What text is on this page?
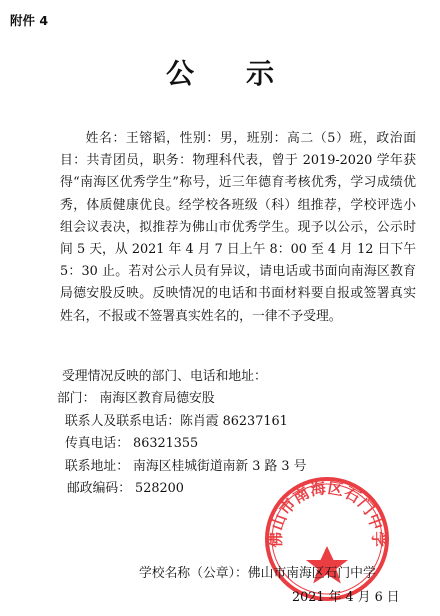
附件 4
公示

姓名：王镕韬，性别：男，班别：高二（5）班，政治面目：共青团员，职务：物理科代表，曾于 2019-2020 学年获得“南海区优秀学生”称号，近三年德育考核优秀，学习成绩优秀，体质健康优良。经学校各班级（科）组推荐，学校评选小组会议表决，拟推荐为佛山市优秀学生。现予以公示，公示时间 5 天，从 2021 年 4 月 7 日上午 8：00 至 4 月 12 日下午 5：30 止。若对公示人员有异议，请电话或书面向南海区教育局德安股反映。反映情况的电话和书面材料要自报或签署真实姓名，不报或不签署真实姓名的，一律不予受理。

受理情况反映的部门、电话和地址：
部门： 南海区教育局德安股
联系人及联系电话：陈肖霞 86237161
传真电话： 86321355
联系地址： 南海区桂城街道南新 3 路 3 号
邮政编码： 528200
佛山市南海区石门中学
学校名称（公章）：佛山市南海区石门中学
2021 年 4 月 6 日
